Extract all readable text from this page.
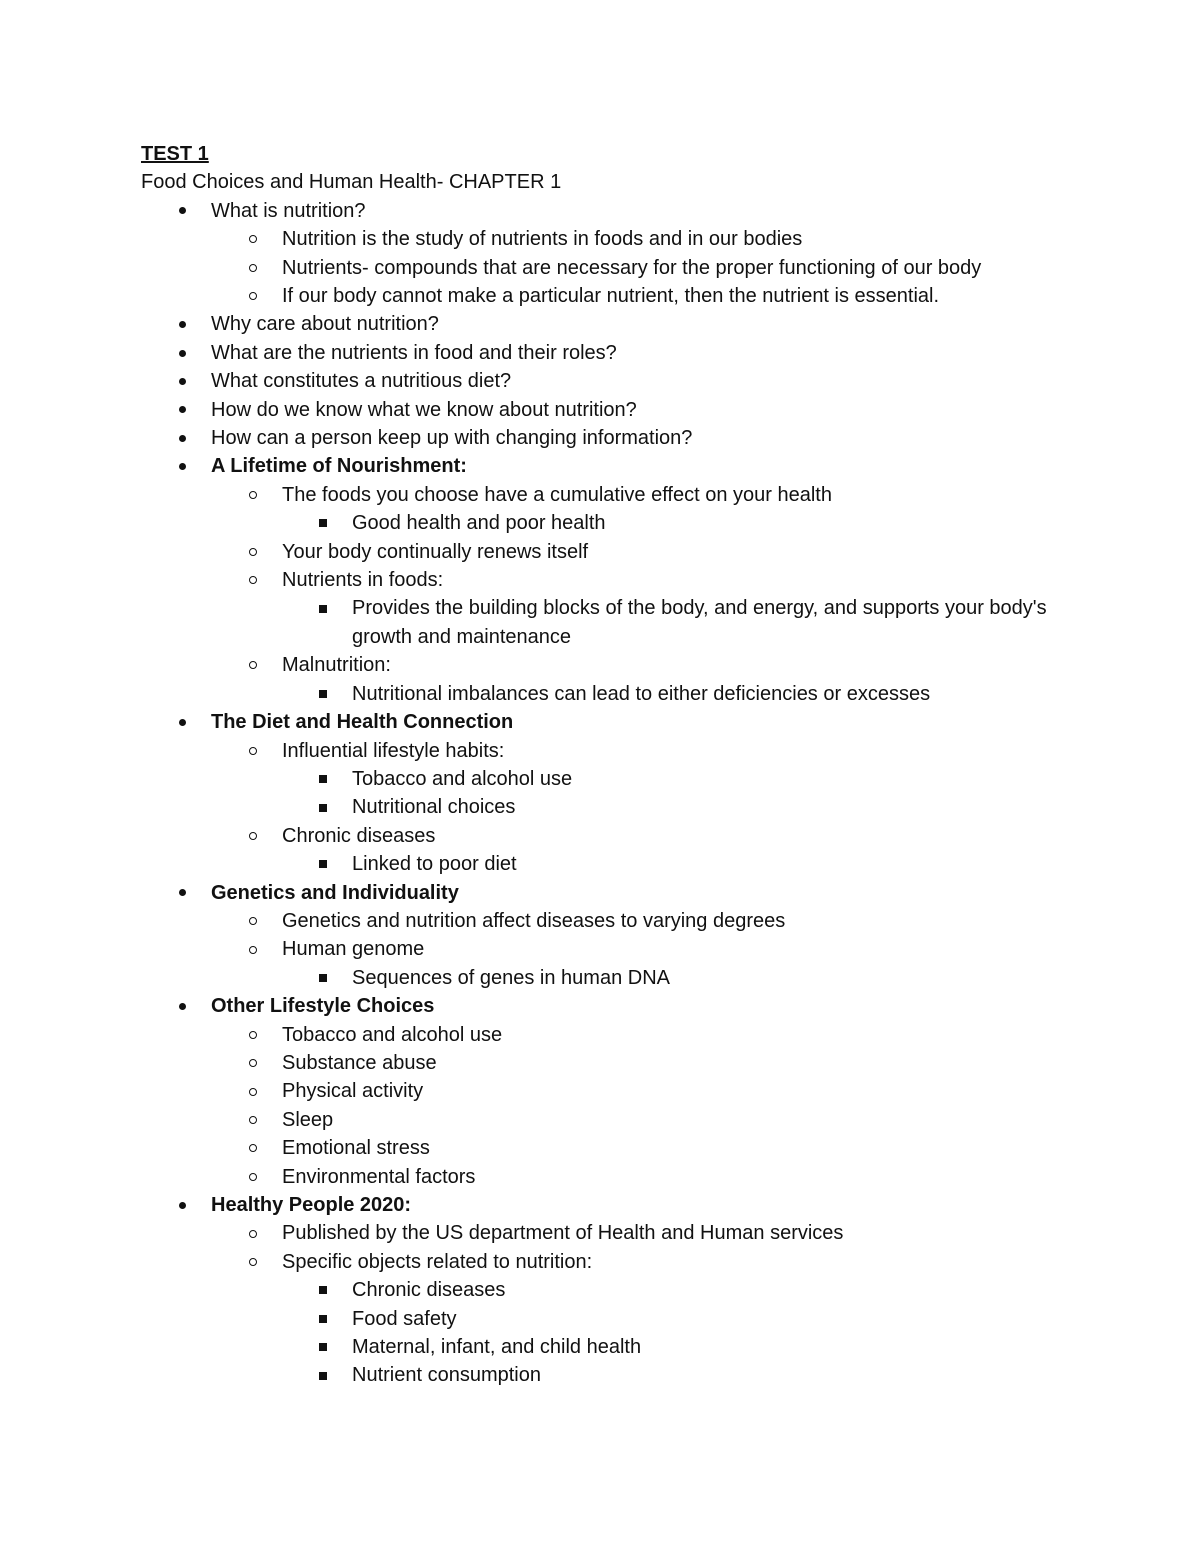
TEST 1
Food Choices and Human Health- CHAPTER 1
What is nutrition?
Nutrition is the study of nutrients in foods and in our bodies
Nutrients- compounds that are necessary for the proper functioning of our body
If our body cannot make a particular nutrient, then the nutrient is essential.
Why care about nutrition?
What are the nutrients in food and their roles?
What constitutes a nutritious diet?
How do we know what we know about nutrition?
How can a person keep up with changing information?
A Lifetime of Nourishment:
The foods you choose have a cumulative effect on your health
Good health and poor health
Your body continually renews itself
Nutrients in foods:
Provides the building blocks of the body, and energy, and supports your body's growth and maintenance
Malnutrition:
Nutritional imbalances can lead to either deficiencies or excesses
The Diet and Health Connection
Influential lifestyle habits:
Tobacco and alcohol use
Nutritional choices
Chronic diseases
Linked to poor diet
Genetics and Individuality
Genetics and nutrition affect diseases to varying degrees
Human genome
Sequences of genes in human DNA
Other Lifestyle Choices
Tobacco and alcohol use
Substance abuse
Physical activity
Sleep
Emotional stress
Environmental factors
Healthy People 2020:
Published by the US department of Health and Human services
Specific objects related to nutrition:
Chronic diseases
Food safety
Maternal, infant, and child health
Nutrient consumption
